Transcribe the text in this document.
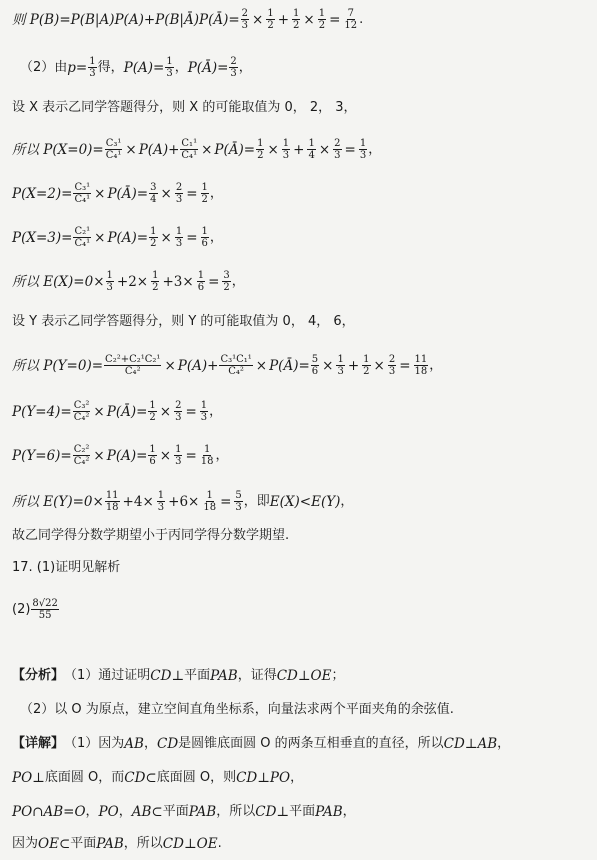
则 P(B)=P(B|A)P(A)+P(B|Ā)P(Ā)= $\frac{2}{3} \times \frac{1}{2} + \frac{1}{2} \times \frac{1}{2} = \frac{7}{12}$ .
（2）由 $p= \frac{1}{3}$ 得， $P(A)= \frac{1}{3}$ ， P(Ā)= $\frac{2}{3}$ ，
设 X 表示乙同学答题得分，则 X 的可能取值为 0， 2， 3，
所以 $P(X=0)= \frac{\text{C₃¹}}{\text{C₄¹}} \times P(A)+ \frac{\text{C₁¹}}{\text{C₄¹}}$ × P(Ā)= $\frac{1}{2} \times \frac{1}{3} + \frac{1}{4} \times \frac{2}{3} = \frac{1}{3}$ ，
$P(X=2)= \frac{\text{C₃¹}}{\text{C₄¹}}$ × P(Ā)= $\frac{3}{4} \times \frac{2}{3} = \frac{1}{2}$ ，
$P(X=3)= \frac{\text{C₂¹}}{\text{C₄¹}} \times P(A)= \frac{1}{2} \times \frac{1}{3} = \frac{1}{6}$ ，
所以 $E(X)=0\times \frac{1}{3} +2\times \frac{1}{2} +3\times \frac{1}{6} = \frac{3}{2}$ ，
设 Y 表示乙同学答题得分，则 Y 的可能取值为 0， 4， 6，
所以 $P(Y=0)= \frac{\text{C₂²+C₂¹C₂¹}}{\text{C₄²}} \times P(A)+ \frac{\text{C₃¹C₁¹}}{\text{C₄²}}$ × P(Ā)= $\frac{5}{6} \times \frac{1}{3} + \frac{1}{2} \times \frac{2}{3} = \frac{11}{18}$ ，
$P(Y=4)= \frac{\text{C₃²}}{\text{C₄²}}$ × P(Ā)= $\frac{1}{2} \times \frac{2}{3} = \frac{1}{3}$ ，
$P(Y=6)= \frac{\text{C₂²}}{\text{C₄²}} \times P(A)= \frac{1}{6} \times \frac{1}{3} = \frac{1}{18}$ ，
所以 $E(Y)=0\times \frac{11}{18} +4\times \frac{1}{3} +6\times \frac{1}{18} = \frac{5}{3}$ ，即 E(X)<E(Y) ，
故乙同学得分数学期望小于丙同学得分数学期望.
17. (1)证明见解析
$(2) \frac{8√22}{55}$
【分析】 （1）通过证明 CD⊥ 平面 PAB ，证得 CD⊥OE ；
（2）以 O 为原点，建立空间直角坐标系，向量法求两个平面夹角的余弦值.
【详解】 （1）因为 AB ， CD 是圆锥底面圆 O 的两条互相垂直的直径，所以 CD⊥AB ，
PO⊥ 底面圆 O，而 CD⊂ 底面圆 O，则 CD⊥PO ，
PO∩AB=O ， PO ， AB⊂ 平面 PAB ，所以 CD⊥ 平面 PAB ，
因为 OE⊂ 平面 PAB ，所以 CD⊥OE .
